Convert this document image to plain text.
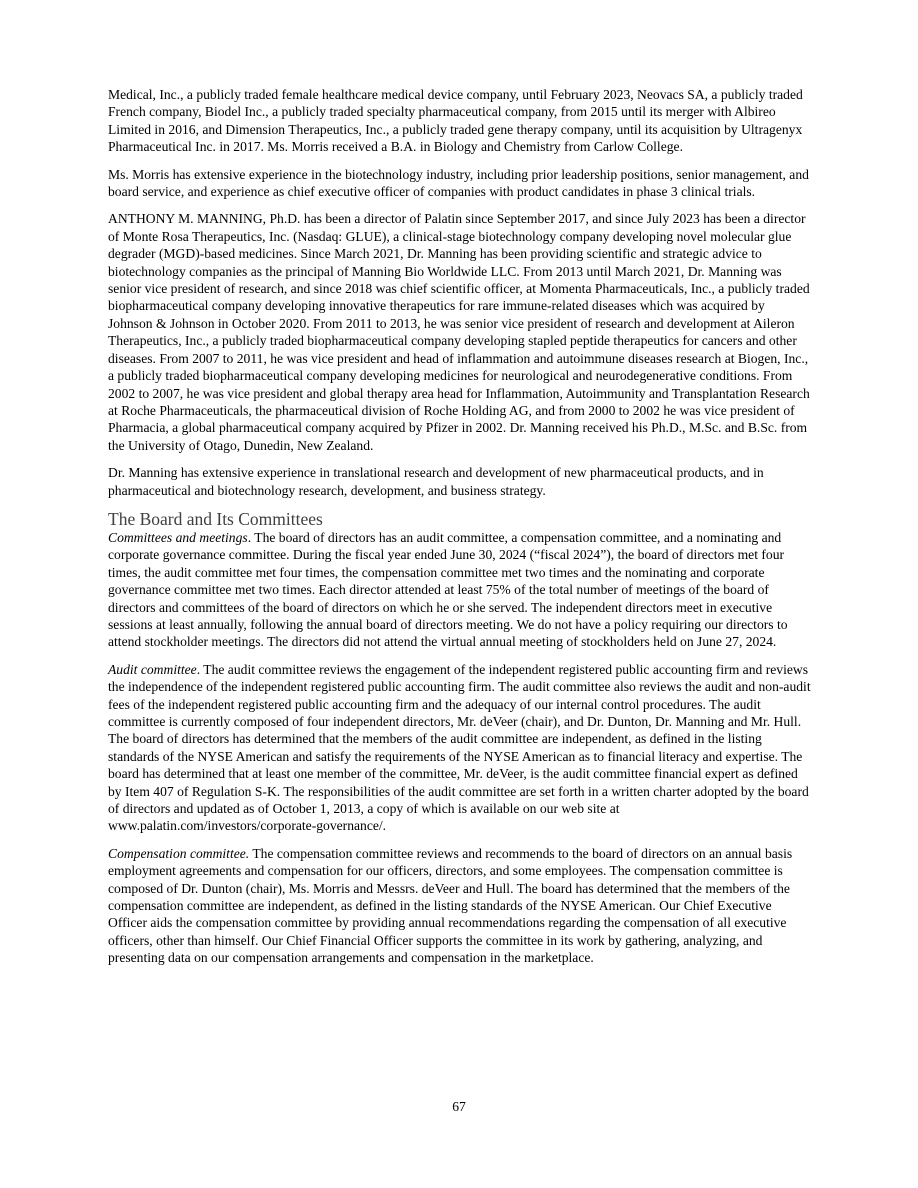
Medical, Inc., a publicly traded female healthcare medical device company, until February 2023, Neovacs SA, a publicly traded French company, Biodel Inc., a publicly traded specialty pharmaceutical company, from 2015 until its merger with Albireo Limited in 2016, and Dimension Therapeutics, Inc., a publicly traded gene therapy company, until its acquisition by Ultragenyx Pharmaceutical Inc. in 2017. Ms. Morris received a B.A. in Biology and Chemistry from Carlow College.

Ms. Morris has extensive experience in the biotechnology industry, including prior leadership positions, senior management, and board service, and experience as chief executive officer of companies with product candidates in phase 3 clinical trials.

ANTHONY M. MANNING, Ph.D. has been a director of Palatin since September 2017, and since July 2023 has been a director of Monte Rosa Therapeutics, Inc. (Nasdaq: GLUE), a clinical-stage biotechnology company developing novel molecular glue degrader (MGD)-based medicines. Since March 2021, Dr. Manning has been providing scientific and strategic advice to biotechnology companies as the principal of Manning Bio Worldwide LLC. From 2013 until March 2021, Dr. Manning was senior vice president of research, and since 2018 was chief scientific officer, at Momenta Pharmaceuticals, Inc., a publicly traded biopharmaceutical company developing innovative therapeutics for rare immune-related diseases which was acquired by Johnson & Johnson in October 2020. From 2011 to 2013, he was senior vice president of research and development at Aileron Therapeutics, Inc., a publicly traded biopharmaceutical company developing stapled peptide therapeutics for cancers and other diseases. From 2007 to 2011, he was vice president and head of inflammation and autoimmune diseases research at Biogen, Inc., a publicly traded biopharmaceutical company developing medicines for neurological and neurodegenerative conditions. From 2002 to 2007, he was vice president and global therapy area head for Inflammation, Autoimmunity and Transplantation Research at Roche Pharmaceuticals, the pharmaceutical division of Roche Holding AG, and from 2000 to 2002 he was vice president of Pharmacia, a global pharmaceutical company acquired by Pfizer in 2002. Dr. Manning received his Ph.D., M.Sc. and B.Sc. from the University of Otago, Dunedin, New Zealand.

Dr. Manning has extensive experience in translational research and development of new pharmaceutical products, and in pharmaceutical and biotechnology research, development, and business strategy.

The Board and Its Committees

Committees and meetings. The board of directors has an audit committee, a compensation committee, and a nominating and corporate governance committee. During the fiscal year ended June 30, 2024 (“fiscal 2024”), the board of directors met four times, the audit committee met four times, the compensation committee met two times and the nominating and corporate governance committee met two times. Each director attended at least 75% of the total number of meetings of the board of directors and committees of the board of directors on which he or she served. The independent directors meet in executive sessions at least annually, following the annual board of directors meeting. We do not have a policy requiring our directors to attend stockholder meetings. The directors did not attend the virtual annual meeting of stockholders held on June 27, 2024.

Audit committee. The audit committee reviews the engagement of the independent registered public accounting firm and reviews the independence of the independent registered public accounting firm. The audit committee also reviews the audit and non-audit fees of the independent registered public accounting firm and the adequacy of our internal control procedures. The audit committee is currently composed of four independent directors, Mr. deVeer (chair), and Dr. Dunton, Dr. Manning and Mr. Hull. The board of directors has determined that the members of the audit committee are independent, as defined in the listing standards of the NYSE American and satisfy the requirements of the NYSE American as to financial literacy and expertise. The board has determined that at least one member of the committee, Mr. deVeer, is the audit committee financial expert as defined by Item 407 of Regulation S-K. The responsibilities of the audit committee are set forth in a written charter adopted by the board of directors and updated as of October 1, 2013, a copy of which is available on our web site at www.palatin.com/investors/corporate-governance/.

Compensation committee. The compensation committee reviews and recommends to the board of directors on an annual basis employment agreements and compensation for our officers, directors, and some employees. The compensation committee is composed of Dr. Dunton (chair), Ms. Morris and Messrs. deVeer and Hull. The board has determined that the members of the compensation committee are independent, as defined in the listing standards of the NYSE American. Our Chief Executive Officer aids the compensation committee by providing annual recommendations regarding the compensation of all executive officers, other than himself. Our Chief Financial Officer supports the committee in its work by gathering, analyzing, and presenting data on our compensation arrangements and compensation in the marketplace.

67
